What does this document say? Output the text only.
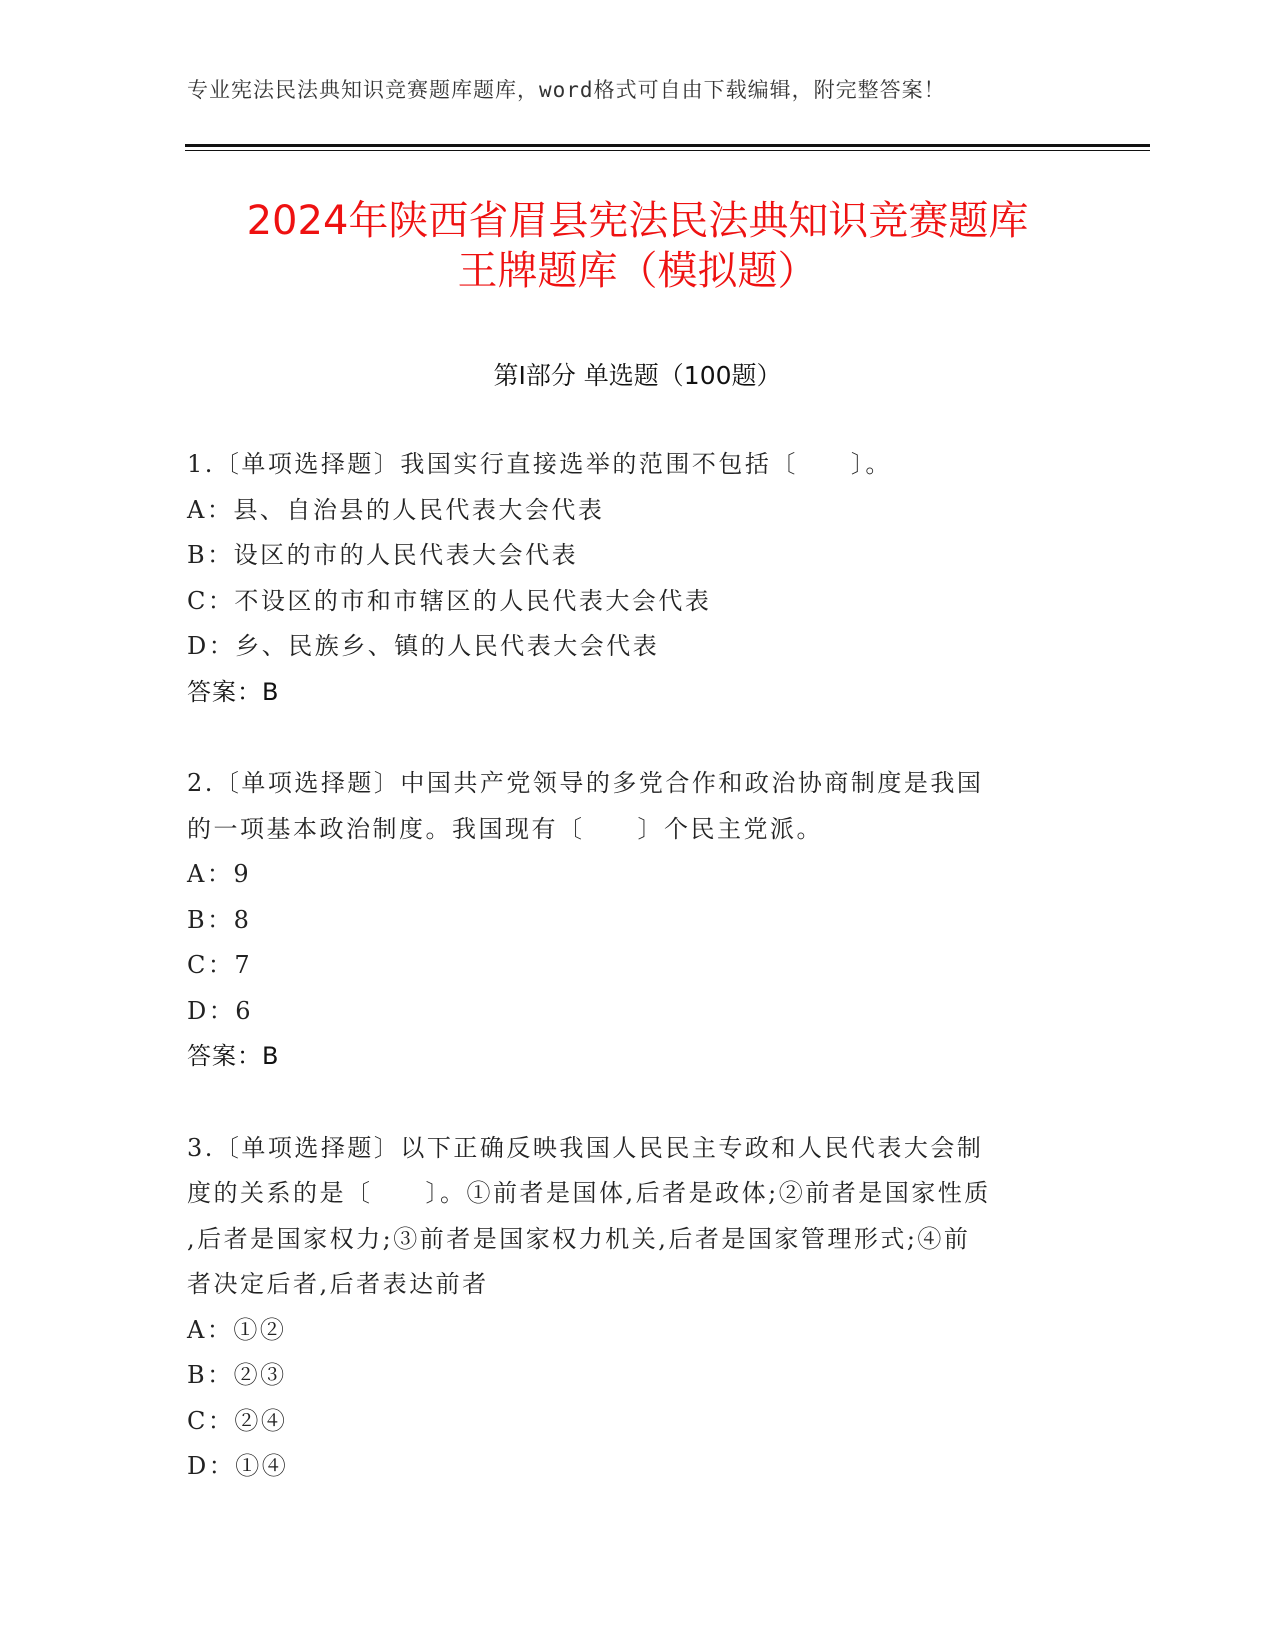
专业宪法民法典知识竞赛题库题库，word格式可自由下载编辑，附完整答案！
2024年陕西省眉县宪法民法典知识竞赛题库
王牌题库（模拟题）
第Ⅰ部分 单选题（100题）
1.〔单项选择题〕我国实行直接选举的范围不包括〔　　〕。
A：县、自治县的人民代表大会代表
B：设区的市的人民代表大会代表
C：不设区的市和市辖区的人民代表大会代表
D：乡、民族乡、镇的人民代表大会代表
答案：B
2.〔单项选择题〕中国共产党领导的多党合作和政治协商制度是我国
的一项基本政治制度。我国现有〔　　〕个民主党派。
A：9
B：8
C：7
D：6
答案：B
3.〔单项选择题〕以下正确反映我国人民民主专政和人民代表大会制
度的关系的是〔　　〕。①前者是国体,后者是政体;②前者是国家性质
,后者是国家权力;③前者是国家权力机关,后者是国家管理形式;④前
者决定后者,后者表达前者
A：①②
B：②③
C：②④
D：①④
